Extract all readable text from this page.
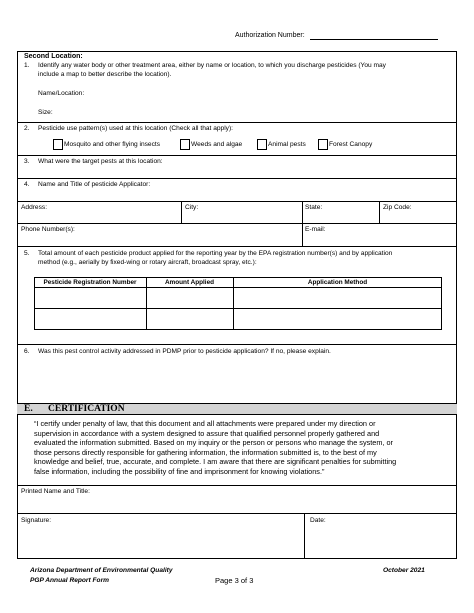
Authorization Number:
Second Location:
1. Identify any water body or other treatment area, either by name or location, to which you discharge pesticides (You may
include a map to better describe the location).
Name/Location:
Size:
2. Pesticide use pattern(s) used at this location (Check all that apply):
Mosquito and other flying insects	Weeds and algae	Animal pests	Forest Canopy
3. What were the target pests at this location:
4. Name and Title of pesticide Applicator:
Address:	City:	State:	Zip Code:
Phone Number(s):	E-mail:
5. Total amount of each pesticide product applied for the reporting year by the EPA registration number(s) and by application
method (e.g., aerially by fixed-wing or rotary aircraft, broadcast spray, etc.):
Pesticide Registration Number	Amount Applied	Application Method
6. Was this pest control activity addressed in PDMP prior to pesticide application? If no, please explain.
E. CERTIFICATION
“I certify under penalty of law, that this document and all attachments were prepared under my direction or
supervision in accordance with a system designed to assure that qualified personnel properly gathered and
evaluated the information submitted. Based on my inquiry or the person or persons who manage the system, or
those persons directly responsible for gathering information, the information submitted is, to the best of my
knowledge and belief, true, accurate, and complete. I am aware that there are significant penalties for submitting
false information, including the possibility of fine and imprisonment for knowing violations.”
Printed Name and Title:
Signature:	Date:
Arizona Department of Environmental Quality
PGP Annual Report Form	Page 3 of 3
October 2021
